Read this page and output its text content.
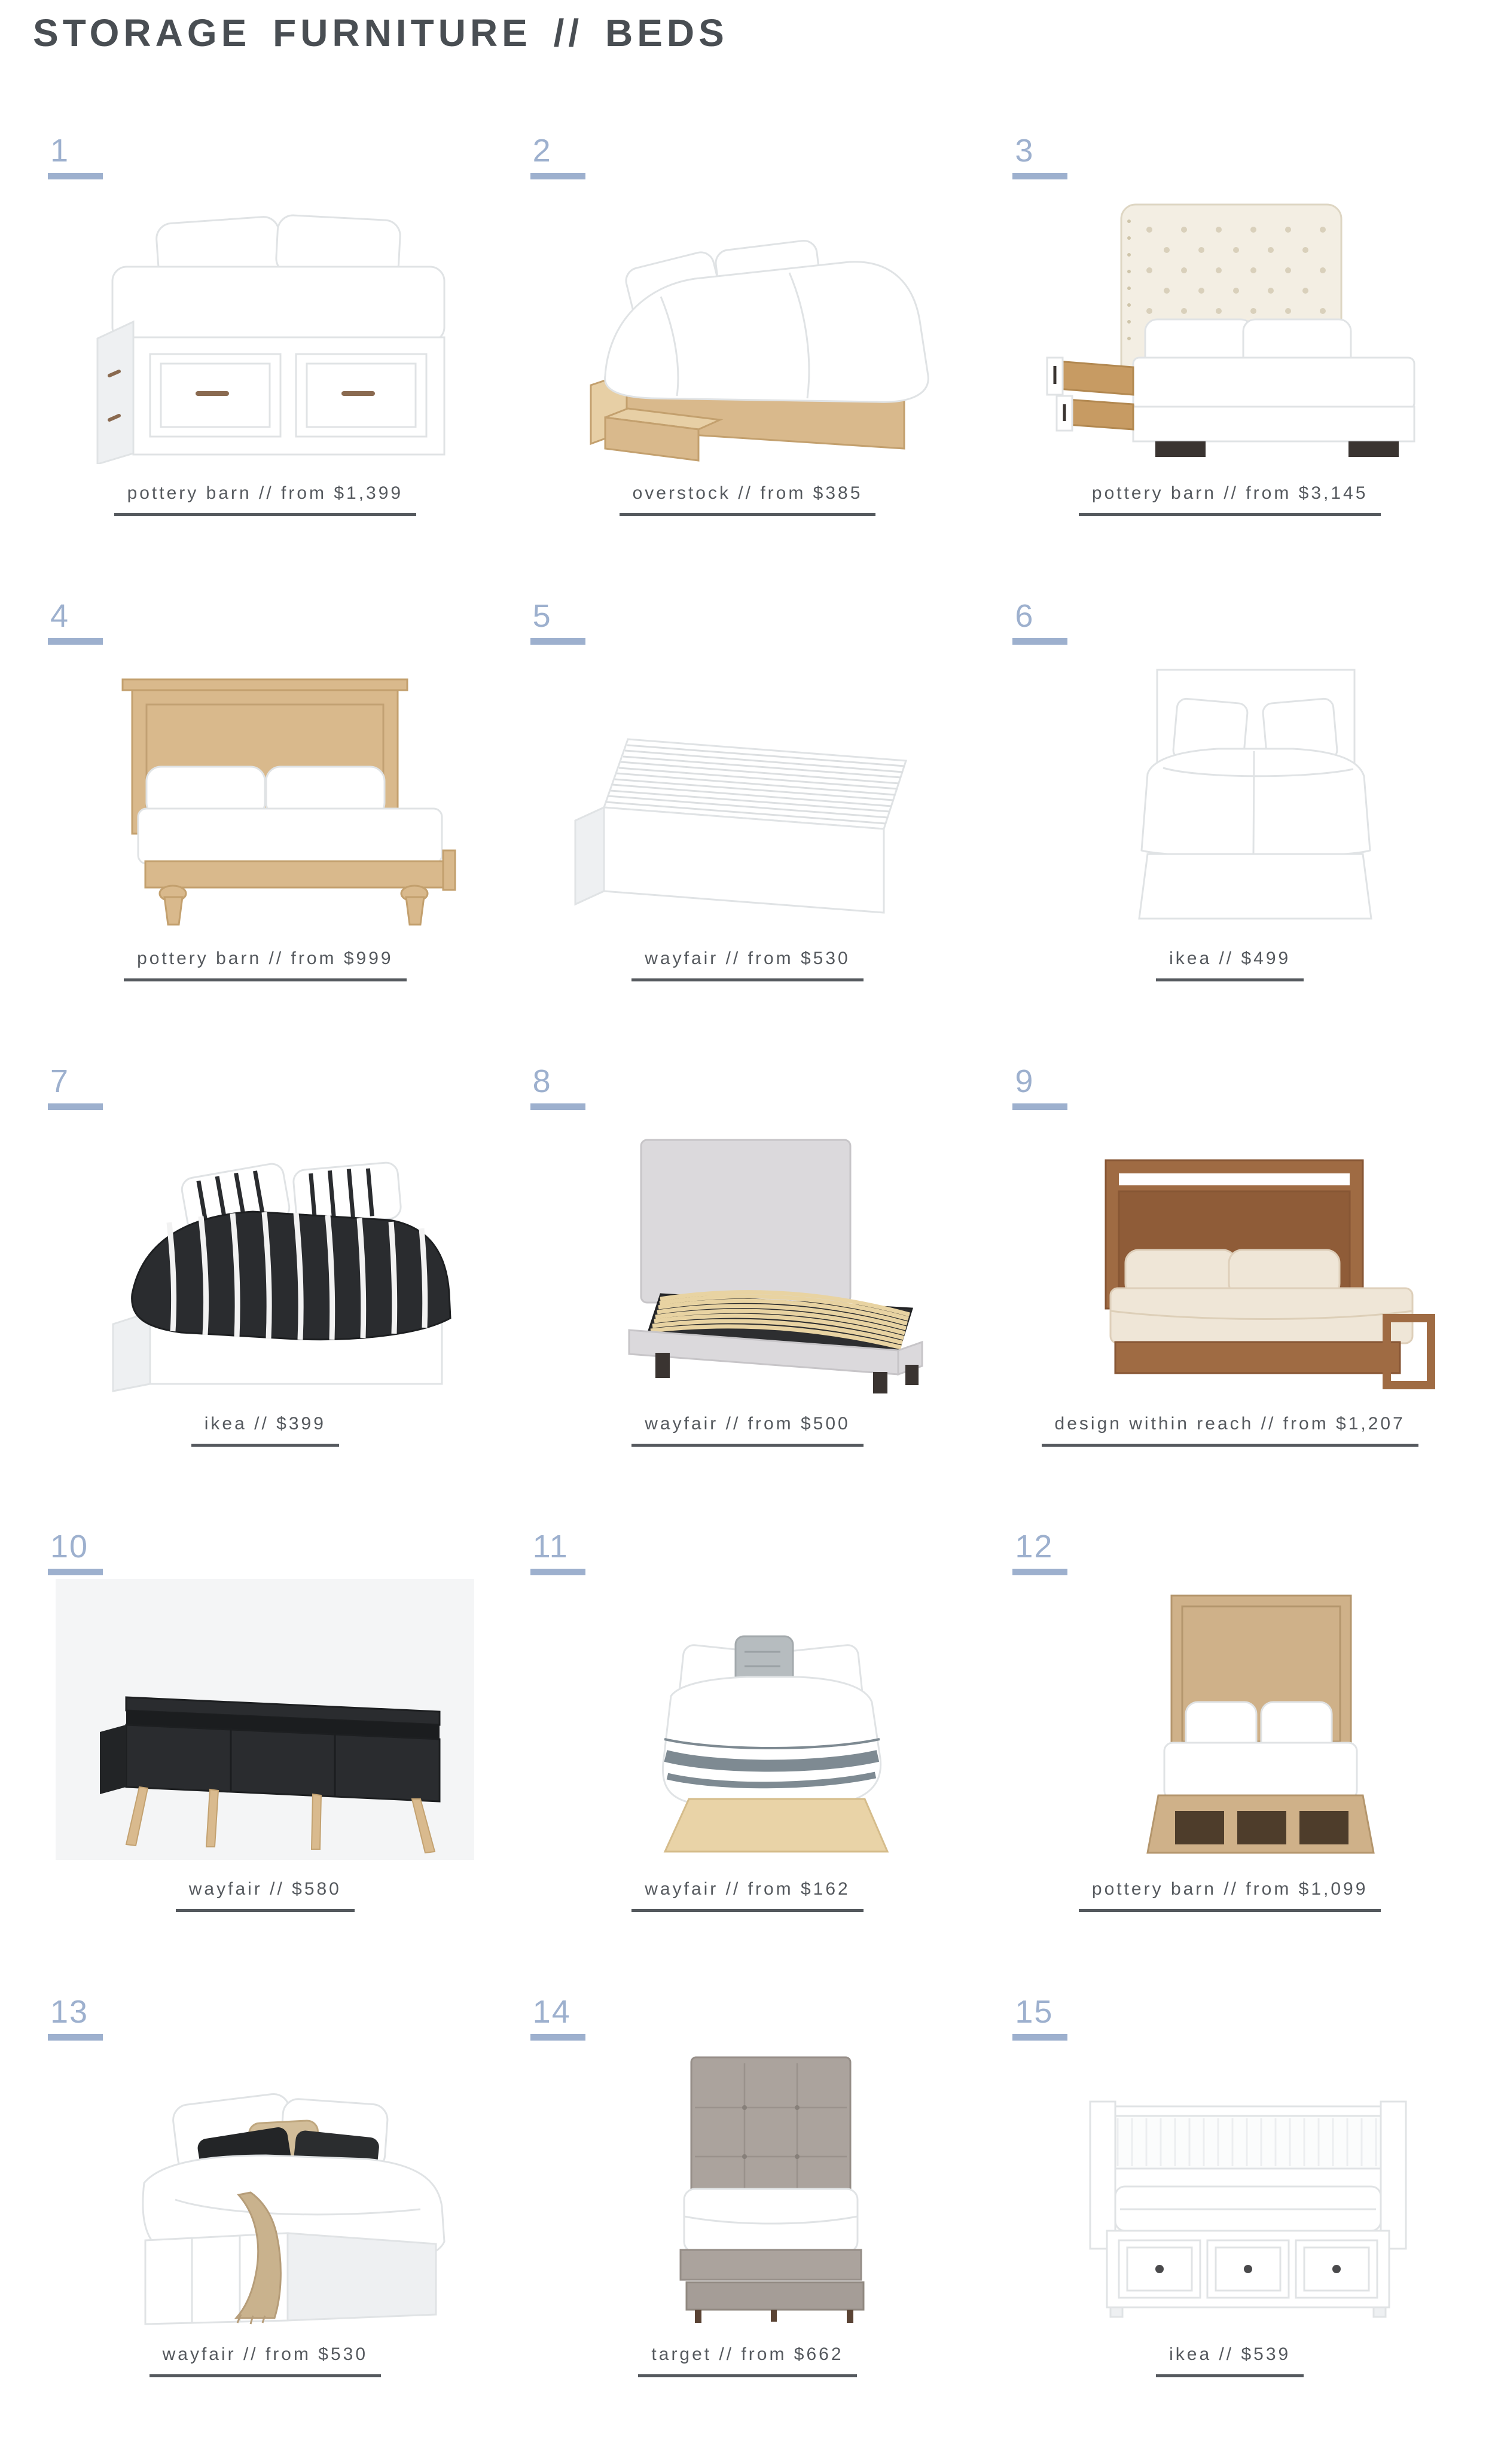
STORAGE FURNITURE // BEDS
1
pottery barn // from $1,399
2
overstock // from $385
3
pottery barn // from $3,145
4
pottery barn // from $999
5
wayfair // from $530
6
ikea // $499
7
ikea // $399
8
wayfair // from $500
9
design within reach // from $1,207
10
wayfair // $580
11
wayfair // from $162
12
pottery barn // from $1,099
13
wayfair // from $530
14
target // from $662
15
ikea // $539
